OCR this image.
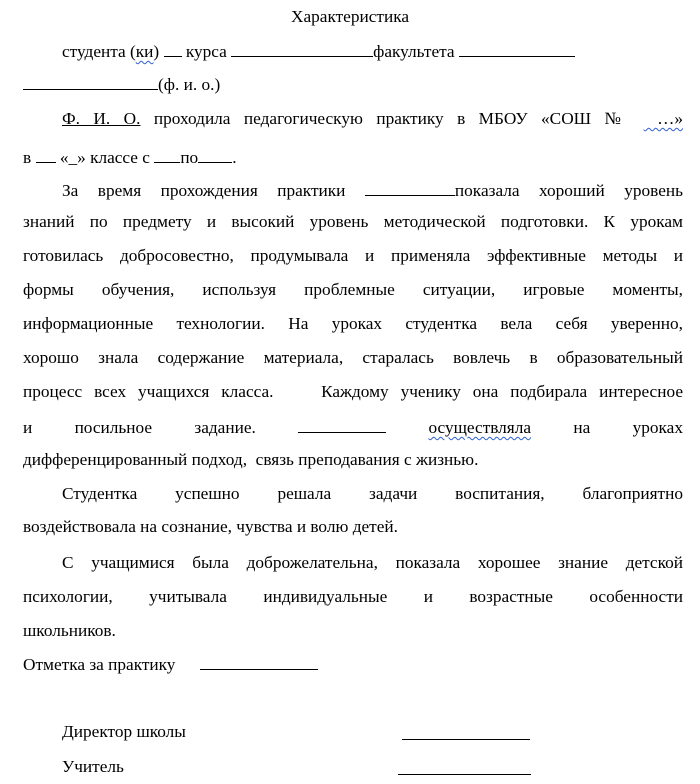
Характеристика
студента (ки) курса	факультета
(ф. и. о.)
Ф. И. О. проходила педагогическую практику в МБОУ «СОШ №  …»
в «_» классе с по .
За время прохождения практики	показала хороший уровень
знаний по предмету и высокий уровень методической подготовки. К урокам
готовилась добросовестно, продумывала и применяла эффективные методы и
формы обучения, используя проблемные ситуации, игровые моменты,
информационные технологии. На уроках студентка вела себя уверенно,
хорошо знала содержание материала, старалась вовлечь в образовательный
процесс всех учащихся класса.    Каждому ученику она подбирала интересное
и посильное задание.	осуществляла на уроках
дифференцированный подход,  связь преподавания с жизнью.
Студентка успешно решала задачи воспитания, благоприятно
воздействовала на сознание, чувства и волю детей.
С учащимися была доброжелательна, показала хорошее знание детской
психологии, учитывала индивидуальные и возрастные особенности
школьников.
Отметка за практику
Директор школы
Учитель
